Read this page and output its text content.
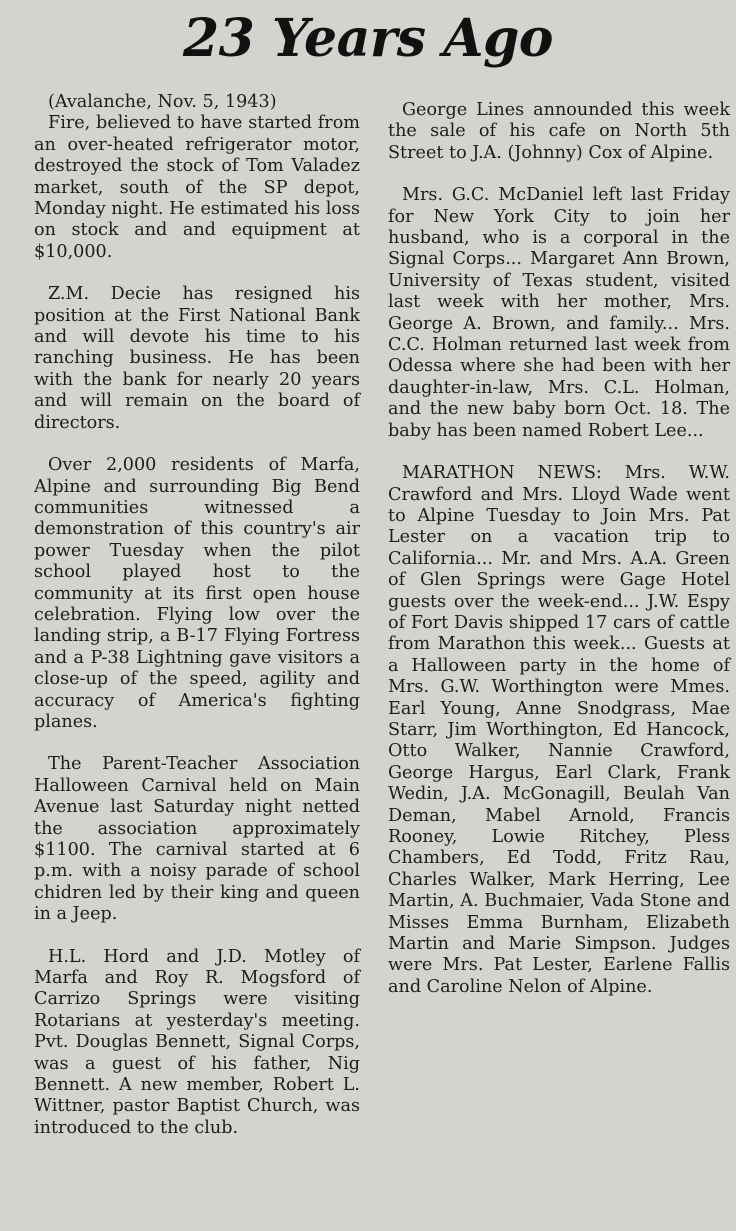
23 Years Ago

(Avalanche, Nov. 5, 1943)

Fire, believed to have started from an over-heated refrigerator motor, destroyed the stock of Tom Valadez market, south of the SP depot, Monday night. He estimated his loss on stock and and equipment at $10,000.

Z.M. Decie has resigned his position at the First National Bank and will devote his time to his ranching business. He has been with the bank for nearly 20 years and will remain on the board of directors.

Over 2,000 residents of Marfa, Alpine and surrounding Big Bend communities witnessed a demonstration of this country's air power Tuesday when the pilot school played host to the community at its first open house celebration. Flying low over the landing strip, a B-17 Flying Fortress and a P-38 Lightning gave visitors a close-up of the speed, agility and accuracy of America's fighting planes.

The Parent-Teacher Association Halloween Carnival held on Main Avenue last Saturday night netted the association approximately $1100. The carnival started at 6 p.m. with a noisy parade of school chidren led by their king and queen in a Jeep.

H.L. Hord and J.D. Motley of Marfa and Roy R. Mogsford of Carrizo Springs were visiting Rotarians at yesterday's meeting. Pvt. Douglas Bennett, Signal Corps, was a guest of his father, Nig Bennett. A new member, Robert L. Wittner, pastor Baptist Church, was introduced to the club.

George Lines announded this week the sale of his cafe on North 5th Street to J.A. (Johnny) Cox of Alpine.

Mrs. G.C. McDaniel left last Friday for New York City to join her husband, who is a corporal in the Signal Corps... Margaret Ann Brown, University of Texas student, visited last week with her mother, Mrs. George A. Brown, and family... Mrs. C.C. Holman returned last week from Odessa where she had been with her daughter-in-law, Mrs. C.L. Holman, and the new baby born Oct. 18. The baby has been named Robert Lee...

MARATHON NEWS: Mrs. W.W. Crawford and Mrs. Lloyd Wade went to Alpine Tuesday to Join Mrs. Pat Lester on a vacation trip to California... Mr. and Mrs. A.A. Green of Glen Springs were Gage Hotel guests over the week-end... J.W. Espy of Fort Davis shipped 17 cars of cattle from Marathon this week... Guests at a Halloween party in the home of Mrs. G.W. Worthington were Mmes. Earl Young, Anne Snodgrass, Mae Starr, Jim Worthington, Ed Hancock, Otto Walker, Nannie Crawford, George Hargus, Earl Clark, Frank Wedin, J.A. McGonagill, Beulah Van Deman, Mabel Arnold, Francis Rooney, Lowie Ritchey, Pless Chambers, Ed Todd, Fritz Rau, Charles Walker, Mark Herring, Lee Martin, A. Buchmaier, Vada Stone and Misses Emma Burnham, Elizabeth Martin and Marie Simpson. Judges were Mrs. Pat Lester, Earlene Fallis and Caroline Nelon of Alpine.
